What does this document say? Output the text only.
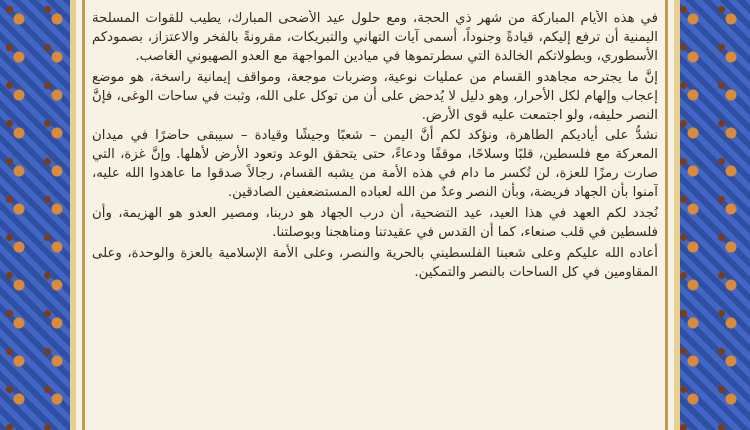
في هذه الأيام المباركة من شهر ذي الحجة، ومع حلول عيد الأضحى المبارك، يطيب للقوات المسلحة اليمنية أن ترفع إليكم، قيادةً وجنوداً، أسمى آيات التهاني والتبريكات، مقرونةً بالفخر والاعتزاز، بصمودكم الأسطوري، وبطولاتكم الخالدة التي سطرتموها في ميادين المواجهة مع العدو الصهيوني الغاصب.

إنَّ ما يجترحه مجاهدو القسام من عمليات نوعية، وضربات موجعة، ومواقف إيمانية راسخة، هو موضع إعجاب وإلهام لكل الأحرار، وهو دليل لا يُدحض على أن من توكل على الله، وثبت في ساحات الوغى، فإنَّ النصر حليفه، ولو اجتمعت عليه قوى الأرض.

نشدُّ على أياديكم الطاهرة، ونؤكد لكم أنَّ اليمن – شعبًا وجيشًا وقيادة – سيبقى حاضرًا في ميدان المعركة مع فلسطين، قلبًا وسلاحًا، موقفًا ودعاءً، حتى يتحقق الوعد وتعود الأرض لأهلها. وإنَّ غزة، التي صارت رمزًا للعزة، لن تُكسر ما دام في هذه الأمة من يشبه القسام، رجالاً صدقوا ما عاهدوا الله عليه، آمنوا بأن الجهاد فريضة، وبأن النصر وعدٌ من الله لعباده المستضعفين الصادقين.

نُجدد لكم العهد في هذا العيد، عيد التضحية، أن درب الجهاد هو دربنا، ومصير العدو هو الهزيمة، وأن فلسطين في قلب صنعاء، كما أن القدس في عقيدتنا ومناهجنا وبوصلتنا.

أعاده الله عليكم وعلى شعبنا الفلسطيني بالحرية والنصر، وعلى الأمة الإسلامية بالعزة والوحدة، وعلى المقاومين في كل الساحات بالنصر والتمكين.
